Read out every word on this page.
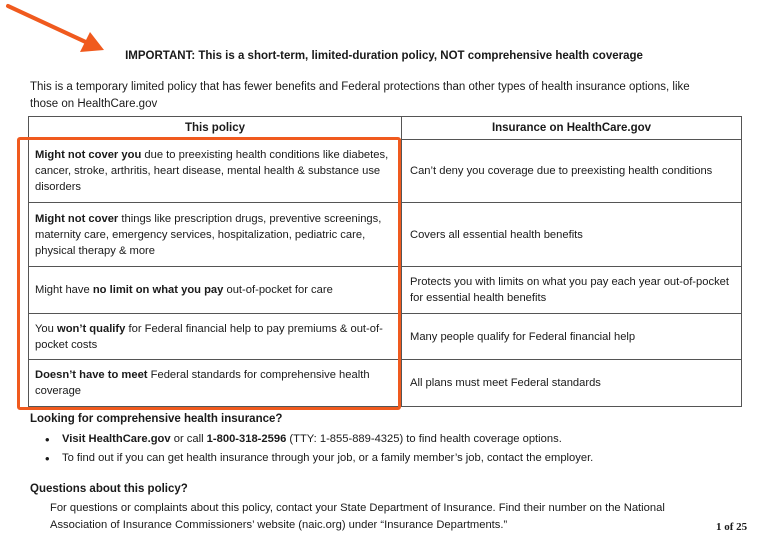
IMPORTANT: This is a short-term, limited-duration policy, NOT comprehensive health coverage
This is a temporary limited policy that has fewer benefits and Federal protections than other types of health insurance options, like those on HealthCare.gov
This policy	Insurance on HealthCare.gov
Might not cover you due to preexisting health conditions like diabetes, cancer, stroke, arthritis, heart disease, mental health & substance use disorders	Can’t deny you coverage due to preexisting health conditions
Might not cover things like prescription drugs, preventive screenings, maternity care, emergency services, hospitalization, pediatric care, physical therapy & more	Covers all essential health benefits
Might have no limit on what you pay out-of-pocket for care	Protects you with limits on what you pay each year out-of-pocket for essential health benefits
You won’t qualify for Federal financial help to pay premiums & out-of-pocket costs	Many people qualify for Federal financial help
Doesn’t have to meet Federal standards for comprehensive health coverage	All plans must meet Federal standards
Looking for comprehensive health insurance?
• Visit HealthCare.gov or call 1-800-318-2596 (TTY: 1-855-889-4325) to find health coverage options.
• To find out if you can get health insurance through your job, or a family member’s job, contact the employer.
Questions about this policy?
For questions or complaints about this policy, contact your State Department of Insurance. Find their number on the National Association of Insurance Commissioners’ website (naic.org) under “Insurance Departments.”	1 of 25
